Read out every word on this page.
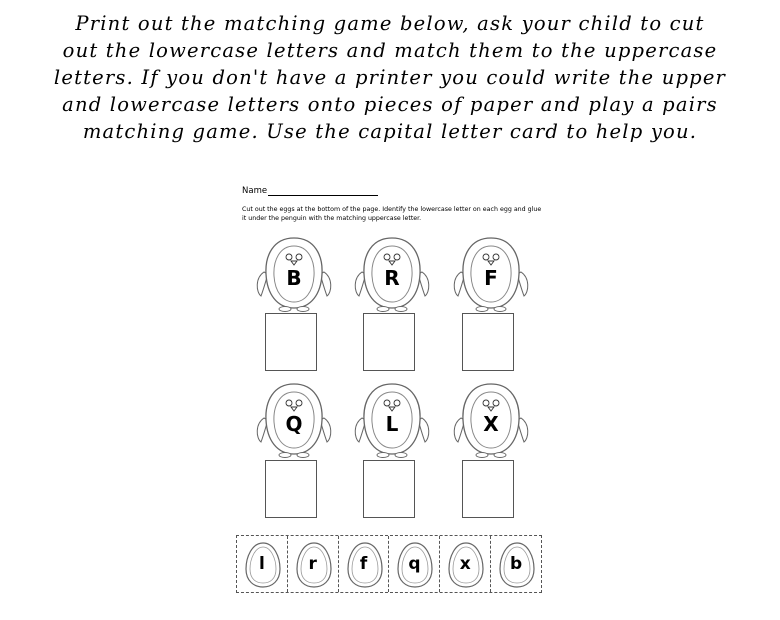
Print out the matching game below, ask your child to cut
out the lowercase letters and match them to the uppercase
letters. If you don't have a printer you could write the upper
and lowercase letters onto pieces of paper and play a pairs
matching game. Use the capital letter card to help you.

Name

Cut out the eggs at the bottom of the page. Identify the lowercase letter on each egg and glue it under the penguin with the matching uppercase letter.

B	R	F
Q	L	X
l	r	f	q	x	b
